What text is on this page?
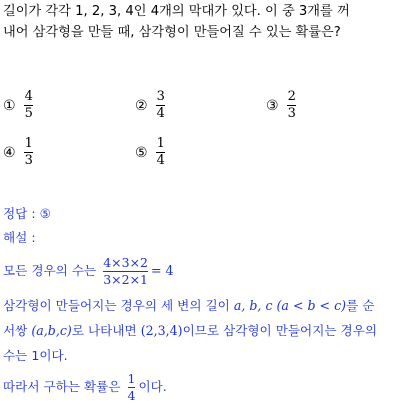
길이가 각각 1, 2, 3, 4인 4개의 막대가 있다. 이 중 3개를 꺼
내어 삼각형을 만들 때, 삼각형이 만들어질 수 있는 확률은?
① $\frac{4}{5}$	② $\frac{3}{4}$	③ $\frac{2}{3}$
④ $\frac{1}{3}$	⑤ $\frac{1}{4}$
정답 : ⑤
해설 :
모든 경우의 수는 $\frac{4\times 3\times 2}{3\times 2\times 1} = 4$
삼각형이 만들어지는 경우의 세 변의 길이 a, b, c (a < b < c)를 순
서쌍 (a,b,c)로 나타내면 (2,3,4)이므로 삼각형이 만들어지는 경우의
수는 1이다.
따라서 구하는 확률은 $\frac{1}{4}$ 이다.
